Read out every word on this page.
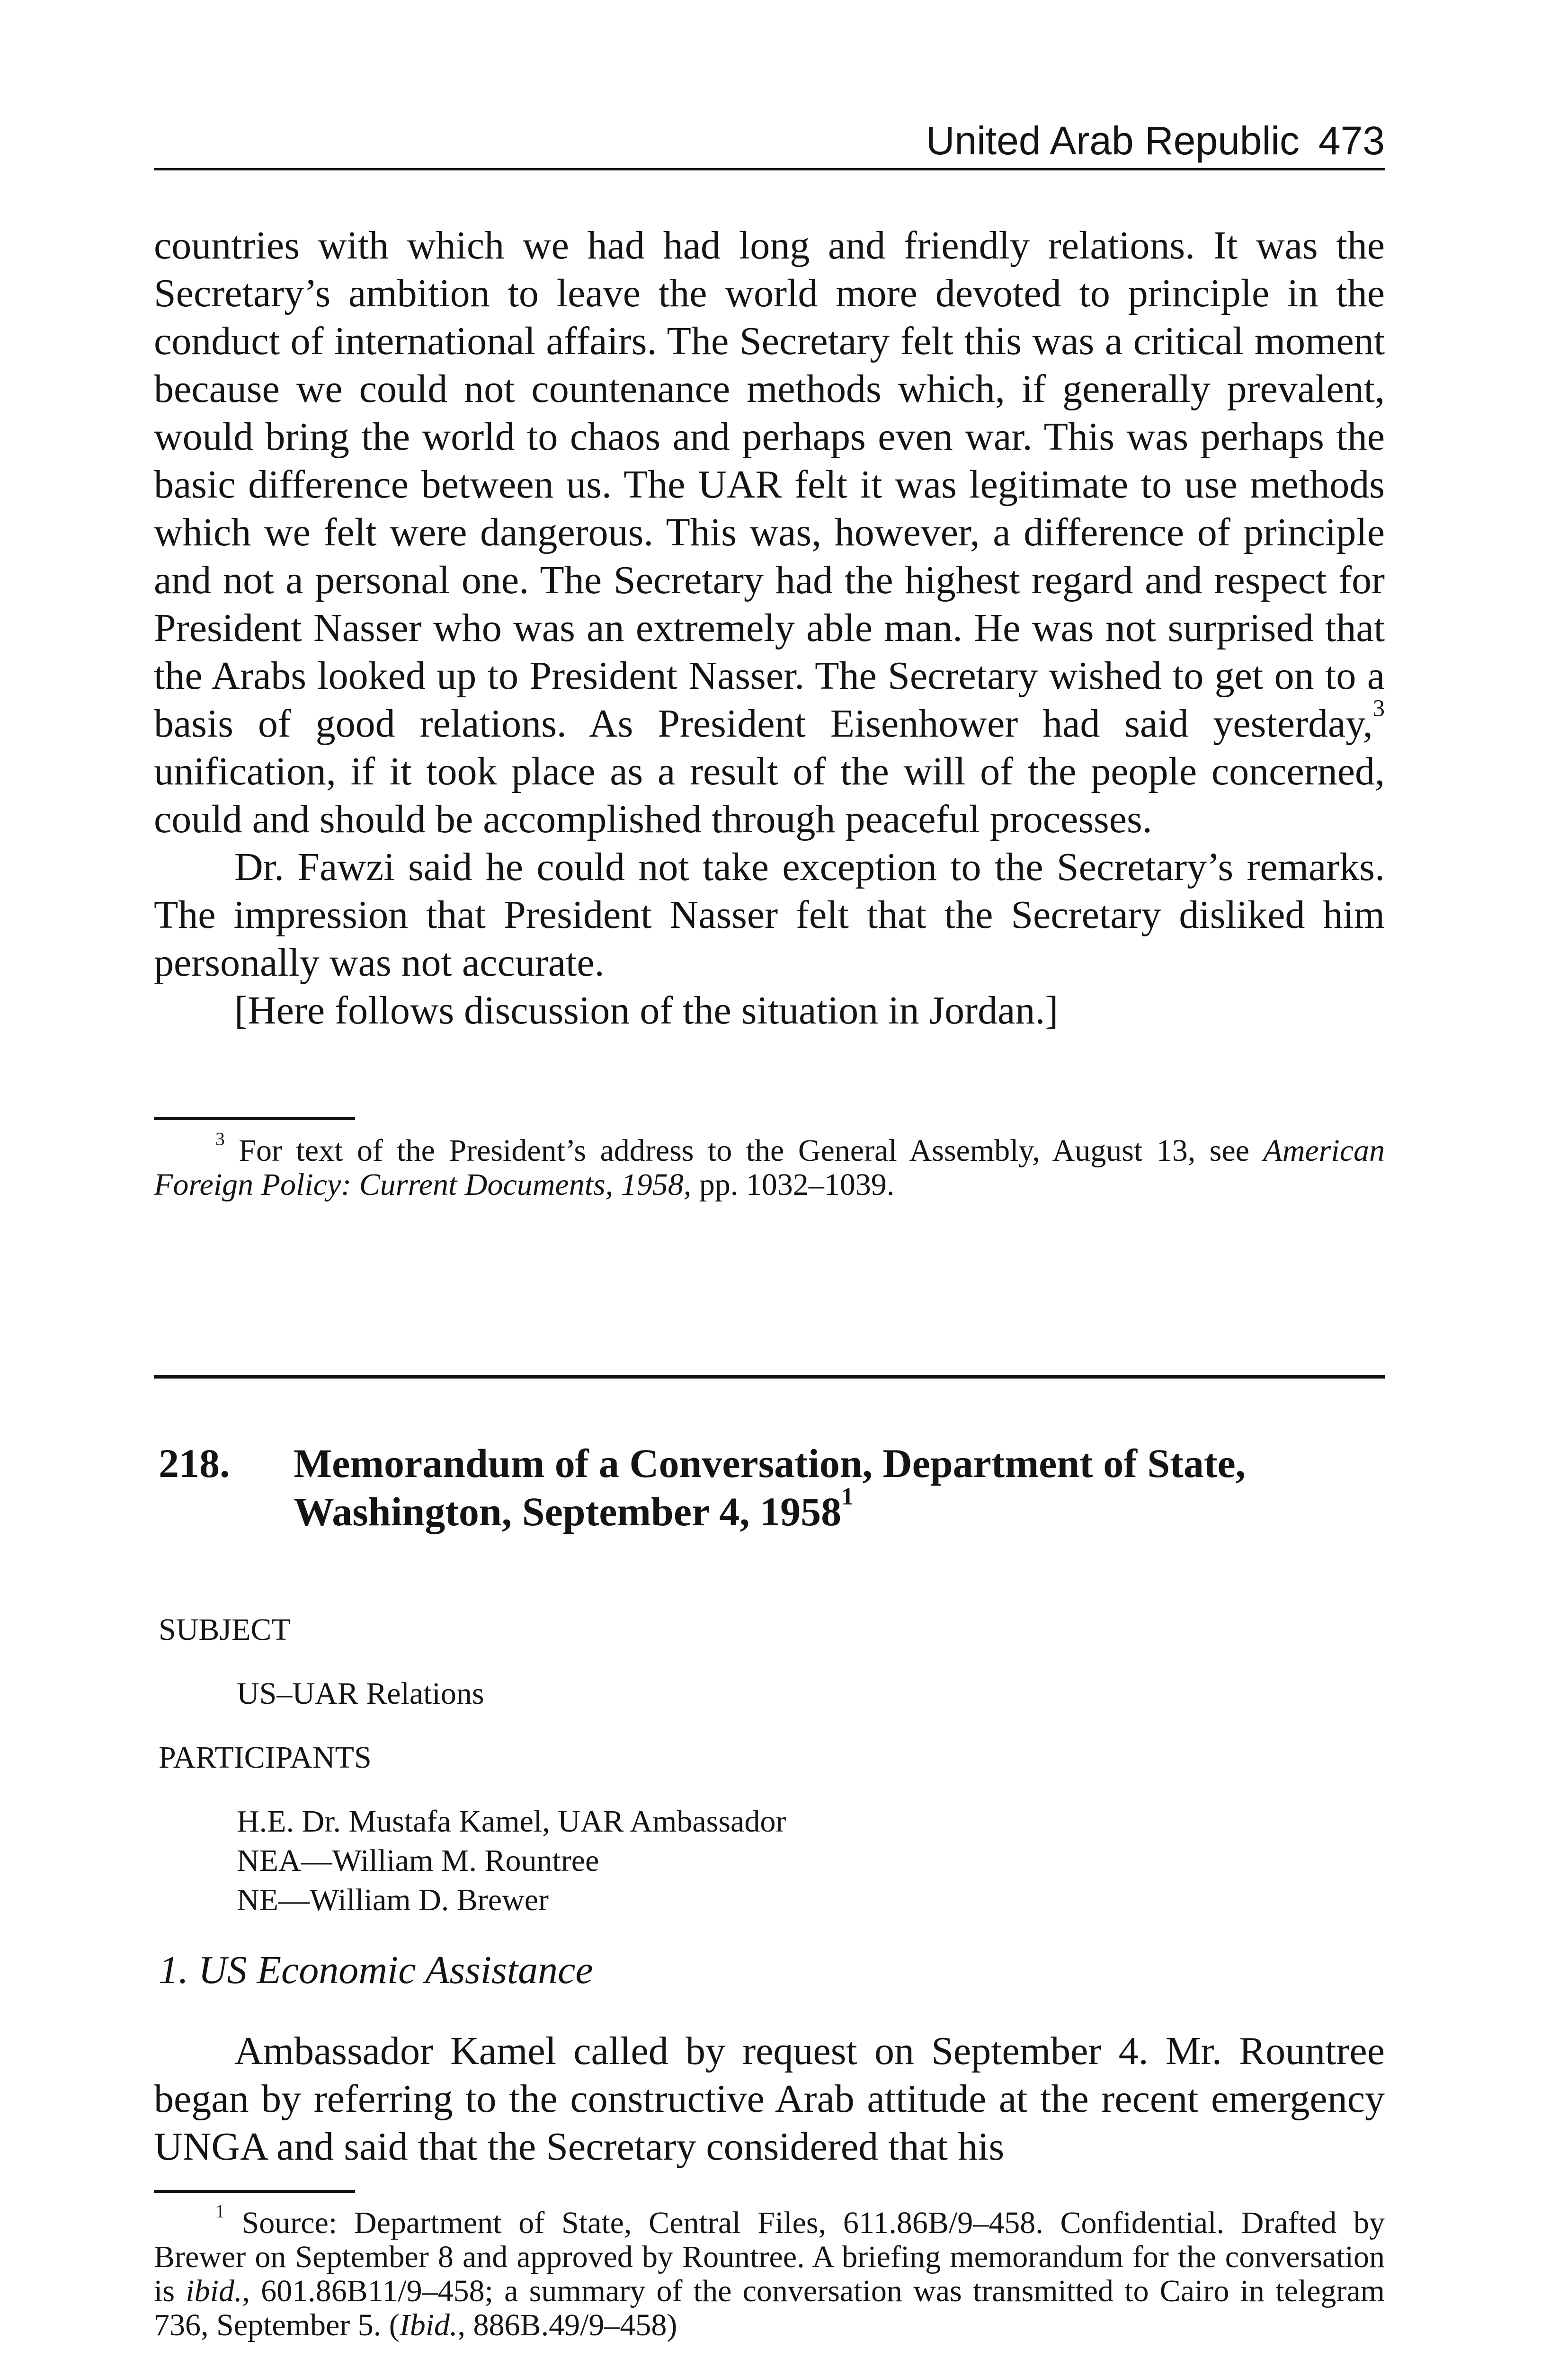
United Arab Republic 473

countries with which we had had long and friendly relations. It was the Secretary’s ambition to leave the world more devoted to principle in the conduct of international affairs. The Secretary felt this was a critical moment because we could not countenance methods which, if generally prevalent, would bring the world to chaos and perhaps even war. This was perhaps the basic difference between us. The UAR felt it was legitimate to use methods which we felt were dangerous. This was, however, a difference of principle and not a personal one. The Secretary had the highest regard and respect for President Nasser who was an extremely able man. He was not surprised that the Arabs looked up to President Nasser. The Secretary wished to get on to a basis of good relations. As President Eisenhower had said yesterday,$^3$ unification, if it took place as a result of the will of the people concerned, could and should be accomplished through peaceful processes.

Dr. Fawzi said he could not take exception to the Secretary’s remarks. The impression that President Nasser felt that the Secretary disliked him personally was not accurate.

[Here follows discussion of the situation in Jordan.]

$^3$ For text of the President’s address to the General Assembly, August 13, see American Foreign Policy: Current Documents, 1958, pp. 1032–1039.

218. Memorandum of a Conversation, Department of State, Washington, September 4, 1958$^1$
SUBJECT
US–UAR Relations
PARTICIPANTS
H.E. Dr. Mustafa Kamel, UAR Ambassador
NEA—William M. Rountree
NE—William D. Brewer
1. US Economic Assistance

Ambassador Kamel called by request on September 4. Mr. Rountree began by referring to the constructive Arab attitude at the recent emergency UNGA and said that the Secretary considered that his

$^1$ Source: Department of State, Central Files, 611.86B/9–458. Confidential. Drafted by Brewer on September 8 and approved by Rountree. A briefing memorandum for the conversation is ibid., 601.86B11/9–458; a summary of the conversation was transmitted to Cairo in telegram 736, September 5. (Ibid., 886B.49/9–458)
